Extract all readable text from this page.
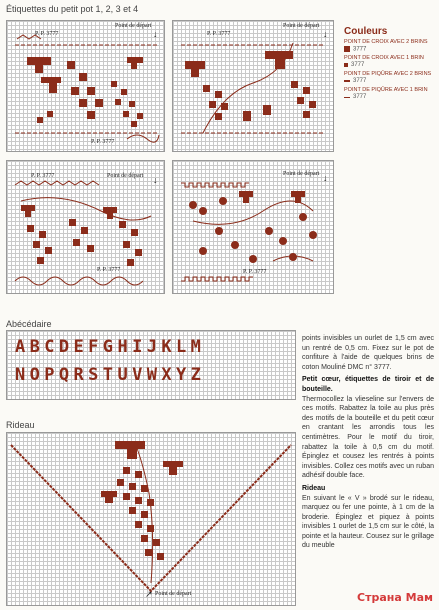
Étiquettes du petit pot 1, 2, 3 et 4
P. P. 3777
Point de départ
P. P. 3777
↓	P. P. 3777
Point de départ
↓ Couleurs
POINT DE CROIX AVEC 2 BRINS
3777
POINT DE CROIX AVEC 1 BRIN
3777
POINT DE PIQÛRE AVEC 2 BRINS
3777
POINT DE PIQÛRE AVEC 1 BRIN
3777
P. P. 3777	Point de départ
P. P. 3777
↓
Point de départ
P. P. 3777
↓
Abécédaire
ABCDEFGHIJKLM
NOPQRSTUVWXYZ
Rideau
Point de départ
↗
points invisibles un ourlet de 1,5 cm avec un rentré de 0,5 cm. Fixez sur le pot de confiture à l'aide de quelques brins de coton Mouliné DMC n° 3777.
Petit cœur, étiquettes de tiroir et de bouteille.
Thermocollez la vlieseline sur l'envers de ces motifs. Rabattez la toile au plus près des motifs de la bouteille et du petit cœur en crantant les arrondis tous les centimètres. Pour le motif du tiroir, rabattez la toile à 0,5 cm du motif. Épinglez et cousez les rentrés à points invisibles. Collez ces motifs avec un ruban adhésif double face.
Rideau
En suivant le « V » brodé sur le rideau, marquez ou fer une pointe, à 1 cm de la broderie. Épinglez et piquez à points invisibles 1 ourlet de 1,5 cm sur le côté, la pointe et la hauteur. Cousez sur le grillage du meuble
Страна Мам
